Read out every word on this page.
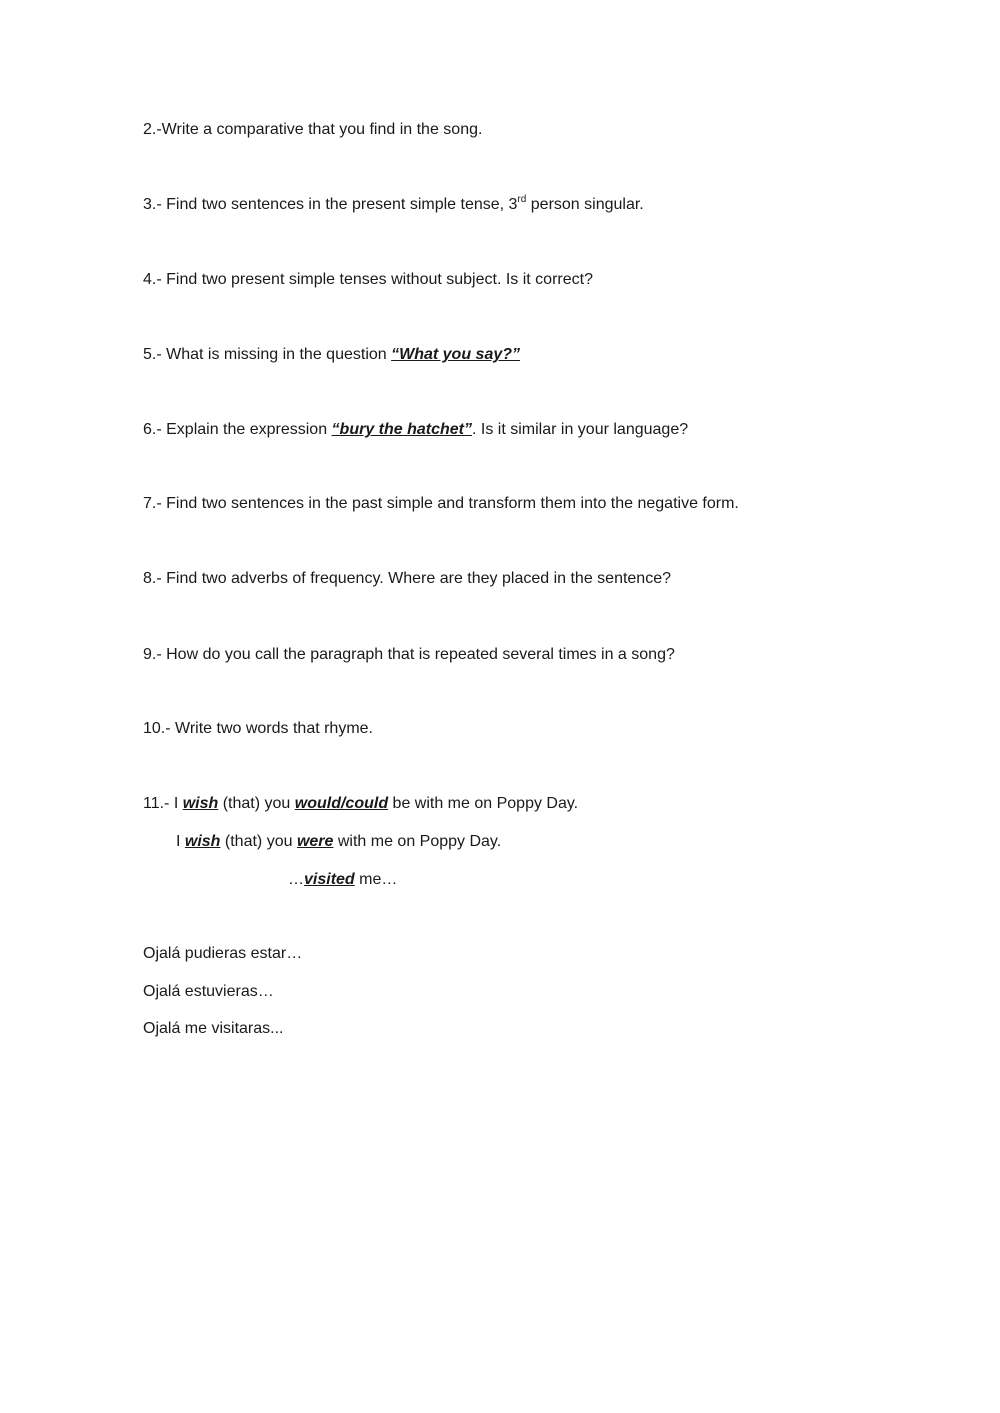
2.-Write a comparative that you find in the song.
3.- Find two sentences in the present simple tense, 3rd person singular.
4.- Find two present simple tenses without subject. Is it correct?
5.- What is missing in the question “What you say?”
6.- Explain the expression “bury the hatchet”. Is it similar in your language?
7.- Find two sentences in the past simple and transform them into the negative form.
8.- Find two adverbs of frequency. Where are they placed in the sentence?
9.- How do you call the paragraph that is repeated several times in a song?
10.- Write two words that rhyme.
11.- I wish (that) you would/could be with me on Poppy Day.
I wish (that) you were with me on Poppy Day.
…visited me…
Ojalá pudieras estar…
Ojalá estuvieras…
Ojalá me visitaras...
